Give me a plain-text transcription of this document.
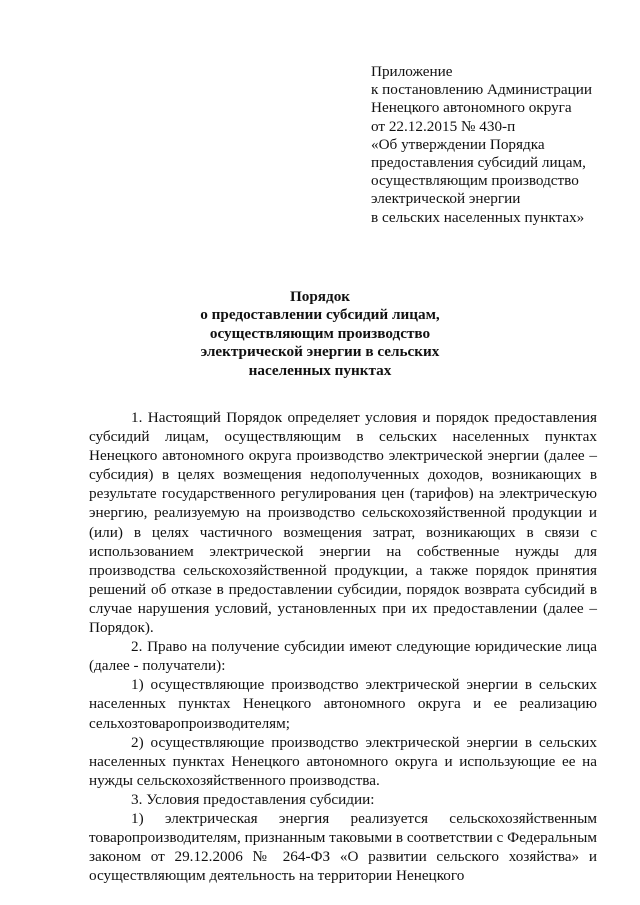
Приложение
к постановлению Администрации
Ненецкого автономного округа
от 22.12.2015 № 430-п
«Об утверждении Порядка
предоставления субсидий лицам,
осуществляющим производство
электрической энергии
в сельских населенных пунктах»
Порядок
о предоставлении субсидий лицам,
осуществляющим производство
электрической энергии в сельских
населенных пунктах

1. Настоящий Порядок определяет условия и порядок предоставления субсидий лицам, осуществляющим в сельских населенных пунктах Ненецкого автономного округа производство электрической энергии (далее – субсидия) в целях возмещения недополученных доходов, возникающих в результате государственного регулирования цен (тарифов) на электрическую энергию, реализуемую на производство сельскохозяйственной продукции и (или) в целях частичного возмещения затрат, возникающих в связи с использованием электрической энергии на собственные нужды для производства сельскохозяйственной продукции, а также порядок принятия решений об отказе в предоставлении субсидии, порядок возврата субсидий в случае нарушения условий, установленных при их предоставлении (далее – Порядок).

2. Право на получение субсидии имеют следующие юридические лица (далее - получатели):

1) осуществляющие производство электрической энергии в сельских населенных пунктах Ненецкого автономного округа и ее реализацию сельхозтоваропроизводителям;

2) осуществляющие производство электрической энергии в сельских населенных пунктах Ненецкого автономного округа и использующие ее на нужды сельскохозяйственного производства.

3. Условия предоставления субсидии:

1) электрическая энергия реализуется сельскохозяйственным товаропроизводителям, признанным таковыми в соответствии с Федеральным законом от 29.12.2006 № 264-ФЗ «О развитии сельского хозяйства» и осуществляющим деятельность на территории Ненецкого
